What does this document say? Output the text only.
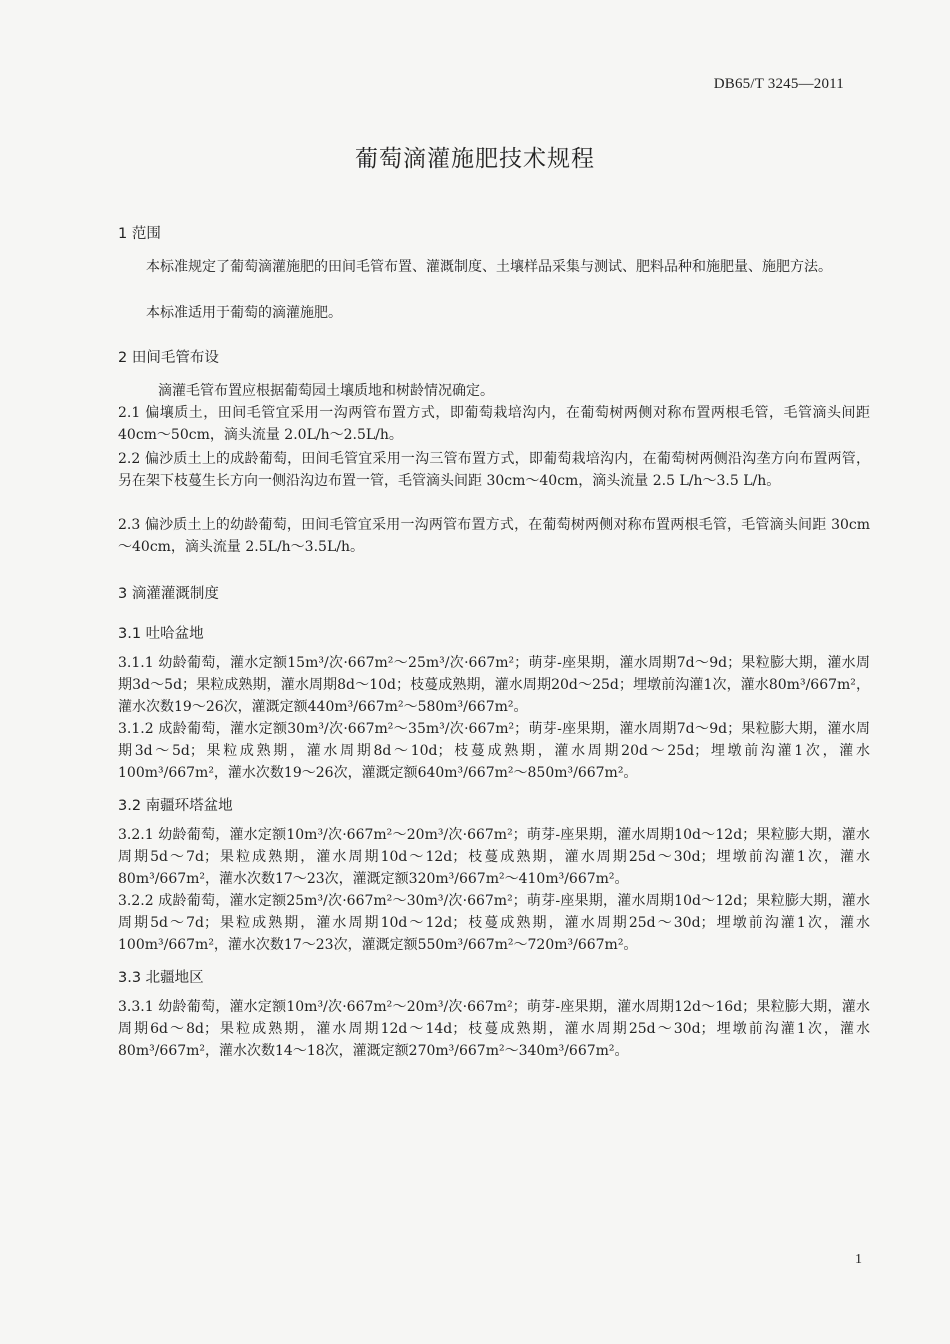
DB65/T 3245—2011
葡萄滴灌施肥技术规程
1 范围
本标准规定了葡萄滴灌施肥的田间毛管布置、灌溉制度、土壤样品采集与测试、肥料品种和施肥量、施肥方法。
本标准适用于葡萄的滴灌施肥。
2 田间毛管布设
滴灌毛管布置应根据葡萄园土壤质地和树龄情况确定。
2.1 偏壤质土，田间毛管宜采用一沟两管布置方式，即葡萄栽培沟内，在葡萄树两侧对称布置两根毛管，毛管滴头间距 40cm～50cm，滴头流量 2.0L/h～2.5L/h。
2.2 偏沙质土上的成龄葡萄，田间毛管宜采用一沟三管布置方式，即葡萄栽培沟内，在葡萄树两侧沿沟垄方向布置两管，另在架下枝蔓生长方向一侧沿沟边布置一管，毛管滴头间距 30cm～40cm，滴头流量 2.5 L/h～3.5 L/h。
2.3 偏沙质土上的幼龄葡萄，田间毛管宜采用一沟两管布置方式，在葡萄树两侧对称布置两根毛管，毛管滴头间距 30cm～40cm，滴头流量 2.5L/h～3.5L/h。
3 滴灌灌溉制度
3.1 吐哈盆地
3.1.1 幼龄葡萄，灌水定额15m³/次·667m²～25m³/次·667m²；萌芽-座果期，灌水周期7d～9d；果粒膨大期，灌水周期3d～5d；果粒成熟期，灌水周期8d～10d；枝蔓成熟期，灌水周期20d～25d；埋墩前沟灌1次，灌水80m³/667m²，灌水次数19～26次，灌溉定额440m³/667m²～580m³/667m²。
3.1.2 成龄葡萄，灌水定额30m³/次·667m²～35m³/次·667m²；萌芽-座果期，灌水周期7d～9d；果粒膨大期，灌水周期3d～5d；果粒成熟期，灌水周期8d～10d；枝蔓成熟期，灌水周期20d～25d；埋墩前沟灌1次，灌水100m³/667m²，灌水次数19～26次，灌溉定额640m³/667m²～850m³/667m²。
3.2 南疆环塔盆地
3.2.1 幼龄葡萄，灌水定额10m³/次·667m²～20m³/次·667m²；萌芽-座果期，灌水周期10d～12d；果粒膨大期，灌水周期5d～7d；果粒成熟期，灌水周期10d～12d；枝蔓成熟期，灌水周期25d～30d；埋墩前沟灌1次，灌水80m³/667m²，灌水次数17～23次，灌溉定额320m³/667m²～410m³/667m²。
3.2.2 成龄葡萄，灌水定额25m³/次·667m²～30m³/次·667m²；萌芽-座果期，灌水周期10d～12d；果粒膨大期，灌水周期5d～7d；果粒成熟期，灌水周期10d～12d；枝蔓成熟期，灌水周期25d～30d；埋墩前沟灌1次，灌水100m³/667m²，灌水次数17～23次，灌溉定额550m³/667m²～720m³/667m²。
3.3 北疆地区
3.3.1 幼龄葡萄，灌水定额10m³/次·667m²～20m³/次·667m²；萌芽-座果期，灌水周期12d～16d；果粒膨大期，灌水周期6d～8d；果粒成熟期，灌水周期12d～14d；枝蔓成熟期，灌水周期25d～30d；埋墩前沟灌1次，灌水80m³/667m²，灌水次数14～18次，灌溉定额270m³/667m²～340m³/667m²。
1
